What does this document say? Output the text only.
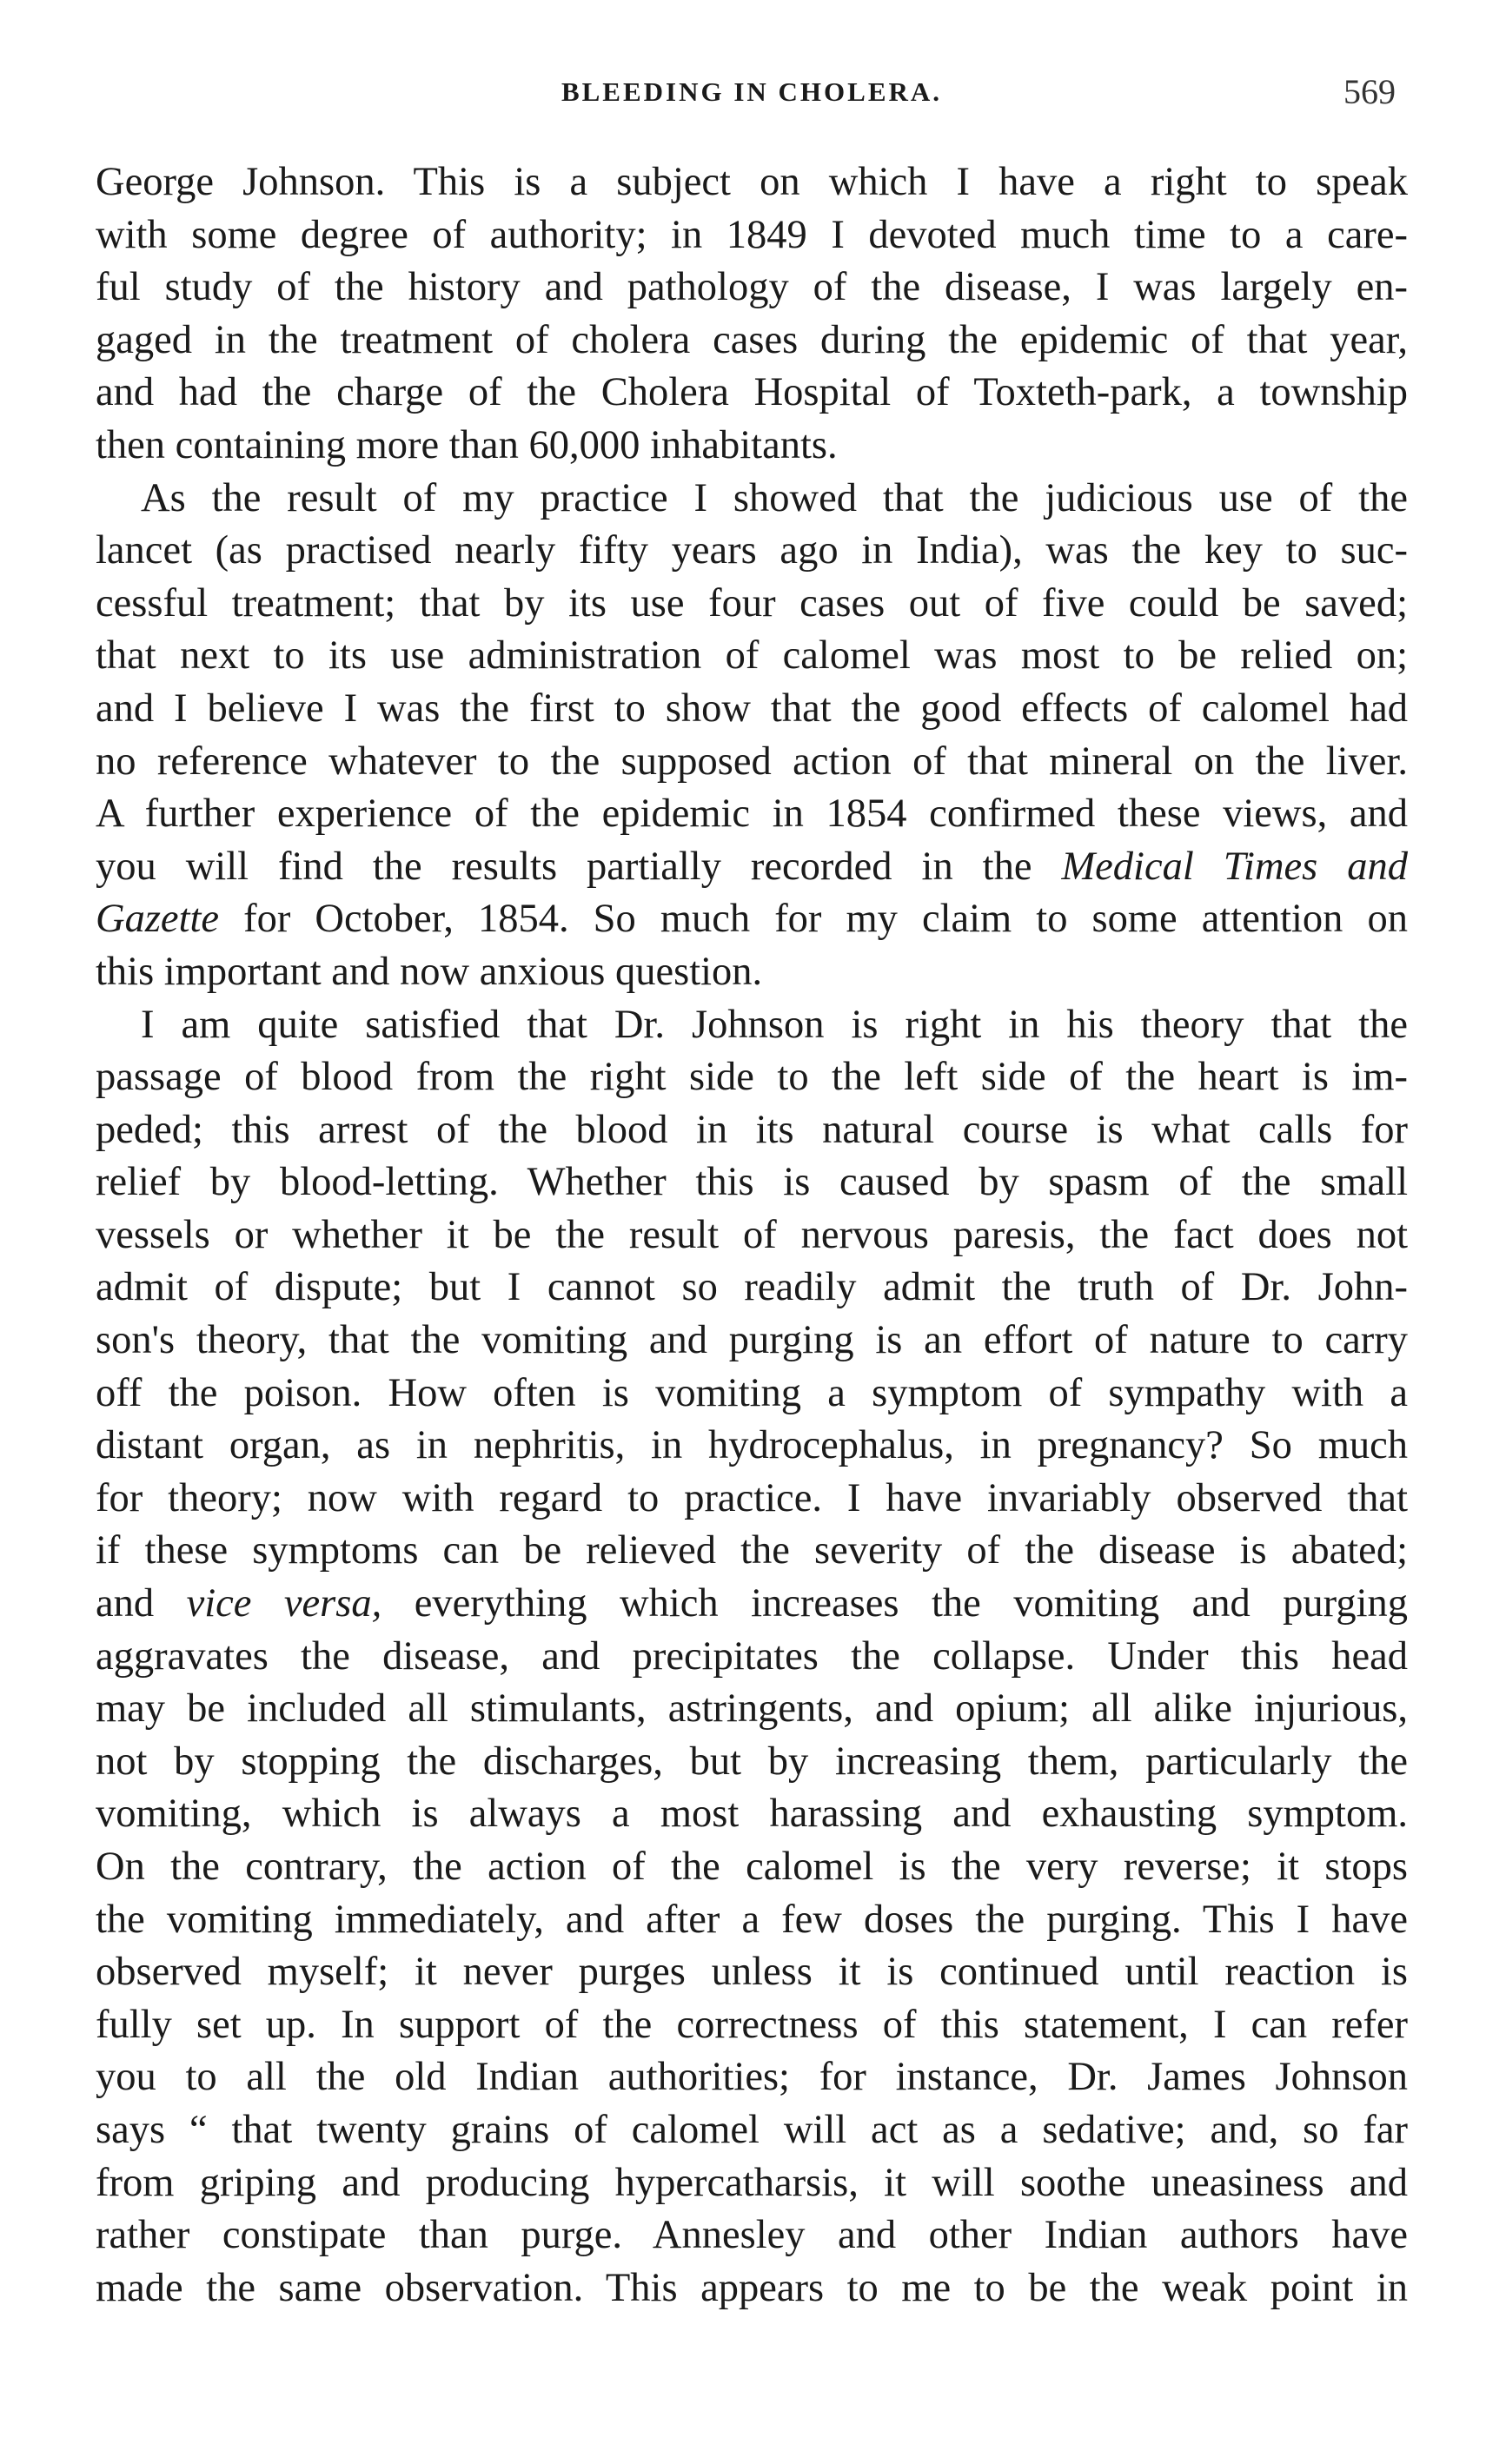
BLEEDING IN CHOLERA.	569

George Johnson. This is a subject on which I have a right to speak
with some degree of authority; in 1849 I devoted much time to a care-
ful study of the history and pathology of the disease, I was largely en-
gaged in the treatment of cholera cases during the epidemic of that year,
and had the charge of the Cholera Hospital of Toxteth-park, a township
then containing more than 60,000 inhabitants.

As the result of my practice I showed that the judicious use of the
lancet (as practised nearly fifty years ago in India), was the key to suc-
cessful treatment; that by its use four cases out of five could be saved;
that next to its use administration of calomel was most to be relied on;
and I believe I was the first to show that the good effects of calomel had
no reference whatever to the supposed action of that mineral on the liver.
A further experience of the epidemic in 1854 confirmed these views, and
you will find the results partially recorded in the Medical Times and
Gazette for October, 1854. So much for my claim to some attention on
this important and now anxious question.

I am quite satisfied that Dr. Johnson is right in his theory that the
passage of blood from the right side to the left side of the heart is im-
peded; this arrest of the blood in its natural course is what calls for
relief by blood-letting. Whether this is caused by spasm of the small
vessels or whether it be the result of nervous paresis, the fact does not
admit of dispute; but I cannot so readily admit the truth of Dr. John-
son's theory, that the vomiting and purging is an effort of nature to carry
off the poison. How often is vomiting a symptom of sympathy with a
distant organ, as in nephritis, in hydrocephalus, in pregnancy? So much
for theory; now with regard to practice. I have invariably observed that
if these symptoms can be relieved the severity of the disease is abated;
and vice versa, everything which increases the vomiting and purging
aggravates the disease, and precipitates the collapse. Under this head
may be included all stimulants, astringents, and opium; all alike injurious,
not by stopping the discharges, but by increasing them, particularly the
vomiting, which is always a most harassing and exhausting symptom.
On the contrary, the action of the calomel is the very reverse; it stops
the vomiting immediately, and after a few doses the purging. This I have
observed myself; it never purges unless it is continued until reaction is
fully set up. In support of the correctness of this statement, I can refer
you to all the old Indian authorities; for instance, Dr. James Johnson
says “ that twenty grains of calomel will act as a sedative; and, so far
from griping and producing hypercatharsis, it will soothe uneasiness and
rather constipate than purge. Annesley and other Indian authors have
made the same observation. This appears to me to be the weak point in
